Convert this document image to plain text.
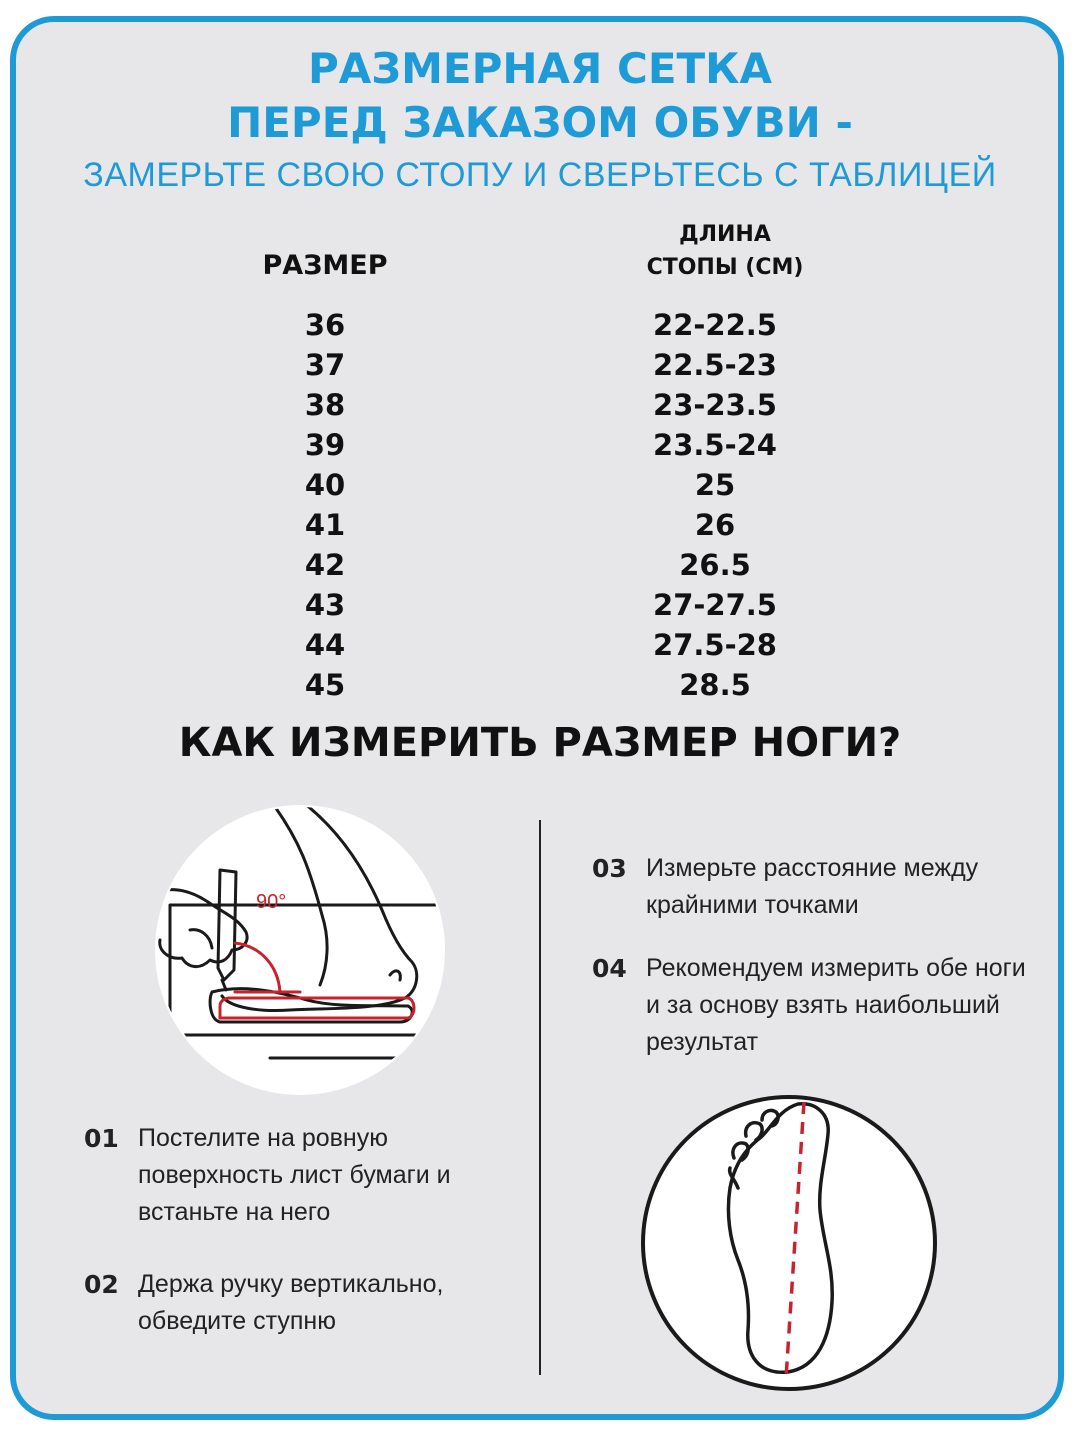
РАЗМЕРНАЯ СЕТКА
ПЕРЕД ЗАКАЗОМ ОБУВИ -
ЗАМЕРЬТЕ СВОЮ СТОПУ И СВЕРЬТЕСЬ С ТАБЛИЦЕЙ
РАЗМЕР
ДЛИНА
СТОПЫ (СМ)
36	22-22.5
37	22.5-23
38	23-23.5
39	23.5-24
40	25
41	26
42	26.5
43	27-27.5
44	27.5-28
45	28.5
КАК ИЗМЕРИТЬ РАЗМЕР НОГИ?
90°
01 Постелите на ровную поверхность лист бумаги и встаньте на него
02 Держа ручку вертикально, обведите ступню
03 Измерьте расстояние между крайними точками
04 Рекомендуем измерить обе ноги и за основу взять наибольший результат
